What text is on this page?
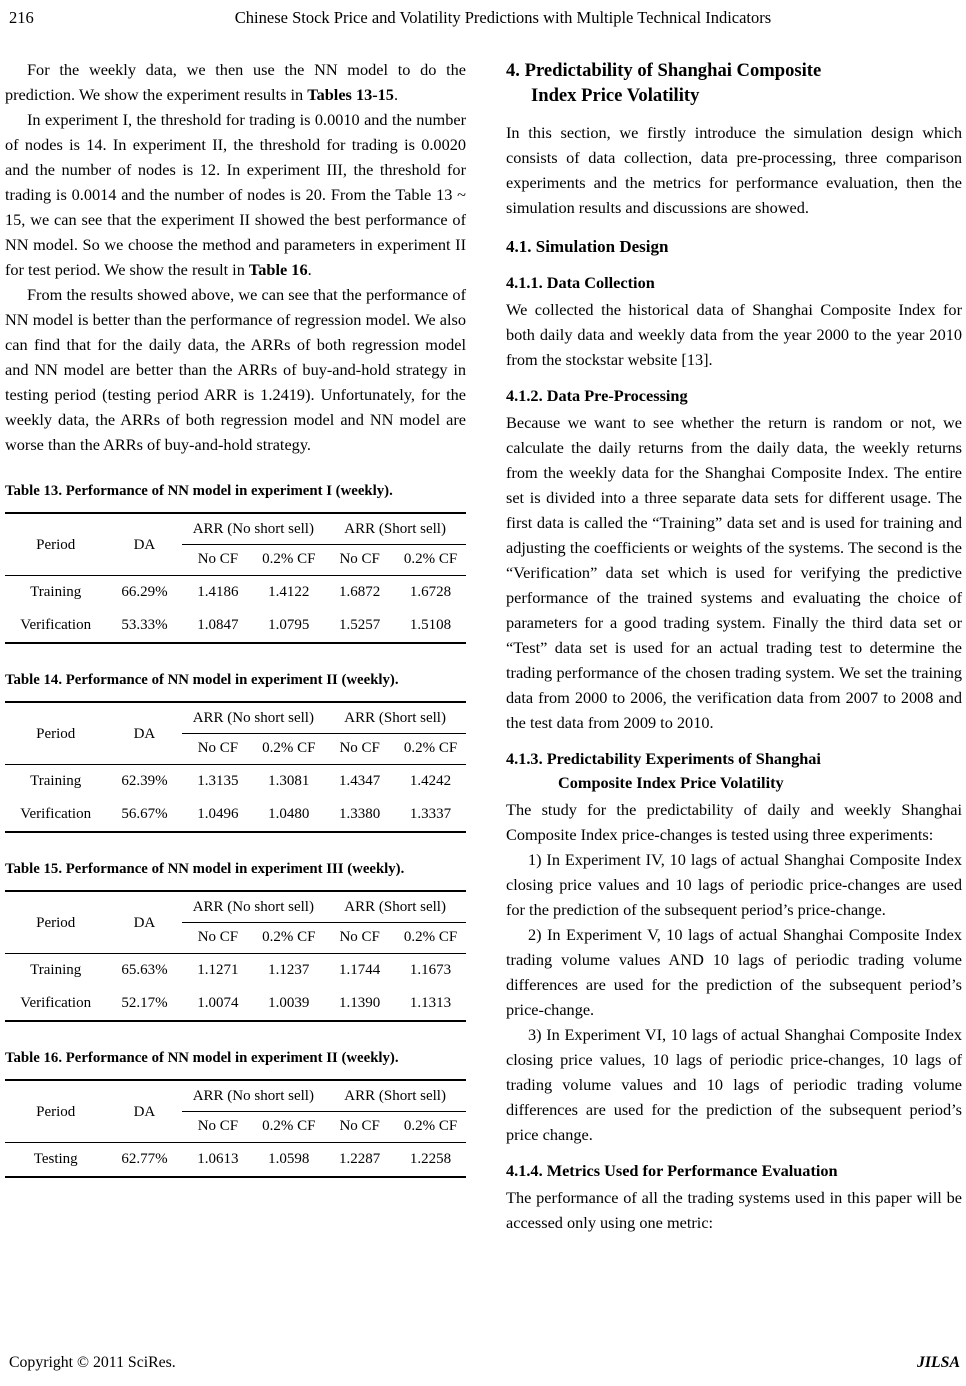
216	Chinese Stock Price and Volatility Predictions with Multiple Technical Indicators

For the weekly data, we then use the NN model to do the prediction. We show the experiment results in Tables 13-15.

In experiment I, the threshold for trading is 0.0010 and the number of nodes is 14. In experiment II, the threshold for trading is 0.0020 and the number of nodes is 12. In experiment III, the threshold for trading is 0.0014 and the number of nodes is 20. From the Table 13 ~ 15, we can see that the experiment II showed the best performance of NN model. So we choose the method and parameters in experiment II for test period. We show the result in Table 16.

From the results showed above, we can see that the performance of NN model is better than the performance of regression model. We also can find that for the daily data, the ARRs of both regression model and NN model are better than the ARRs of buy-and-hold strategy in testing period (testing period ARR is 1.2419). Unfortunately, for the weekly data, the ARRs of both regression model and NN model are worse than the ARRs of buy-and-hold strategy.

Table 13. Performance of NN model in experiment I (weekly).

Period	DA	ARR (No short sell)		ARR (Short sell)	
		No CF	0.2% CF	No CF	0.2% CF
Training	66.29%	1.4186	1.4122	1.6872	1.6728
Verification	53.33%	1.0847	1.0795	1.5257	1.5108

Table 14. Performance of NN model in experiment II (weekly).

Period	DA	ARR (No short sell)		ARR (Short sell)	
		No CF	0.2% CF	No CF	0.2% CF
Training	62.39%	1.3135	1.3081	1.4347	1.4242
Verification	56.67%	1.0496	1.0480	1.3380	1.3337

Table 15. Performance of NN model in experiment III (weekly).

Period	DA	ARR (No short sell)		ARR (Short sell)	
		No CF	0.2% CF	No CF	0.2% CF
Training	65.63%	1.1271	1.1237	1.1744	1.1673
Verification	52.17%	1.0074	1.0039	1.1390	1.1313

Table 16. Performance of NN model in experiment II (weekly).

Period	DA	ARR (No short sell)		ARR (Short sell)	
		No CF	0.2% CF	No CF	0.2% CF
Testing	62.77%	1.0613	1.0598	1.2287	1.2258
4. Predictability of Shanghai Composite
Index Price Volatility

In this section, we firstly introduce the simulation design which consists of data collection, data pre-processing, three comparison experiments and the metrics for performance evaluation, then the simulation results and discussions are showed.

4.1. Simulation Design
4.1.1. Data Collection

We collected the historical data of Shanghai Composite Index for both daily data and weekly data from the year 2000 to the year 2010 from the stockstar website [13].

4.1.2. Data Pre-Processing

Because we want to see whether the return is random or not, we calculate the daily returns from the daily data, the weekly returns from the weekly data for the Shanghai Composite Index. The entire set is divided into a three separate data sets for different usage. The first data is called the “Training” data set and is used for training and adjusting the coefficients or weights of the systems. The second is the “Verification” data set which is used for verifying the predictive performance of the trained systems and evaluating the choice of parameters for a good trading system. Finally the third data set or “Test” data set is used for an actual trading test to determine the trading performance of the chosen trading system. We set the training data from 2000 to 2006, the verification data from 2007 to 2008 and the test data from 2009 to 2010.

4.1.3. Predictability Experiments of Shanghai
Composite Index Price Volatility

The study for the predictability of daily and weekly Shanghai Composite Index price-changes is tested using three experiments:

1) In Experiment IV, 10 lags of actual Shanghai Composite Index closing price values and 10 lags of periodic price-changes are used for the prediction of the subsequent period’s price-change.

2) In Experiment V, 10 lags of actual Shanghai Composite Index trading volume values AND 10 lags of periodic trading volume differences are used for the prediction of the subsequent period’s price-change.

3) In Experiment VI, 10 lags of actual Shanghai Composite Index closing price values, 10 lags of periodic price-changes, 10 lags of trading volume values and 10 lags of periodic trading volume differences are used for the prediction of the subsequent period’s price change.

4.1.4. Metrics Used for Performance Evaluation

The performance of all the trading systems used in this paper will be accessed only using one metric:

Copyright © 2011 SciRes.	JILSA
